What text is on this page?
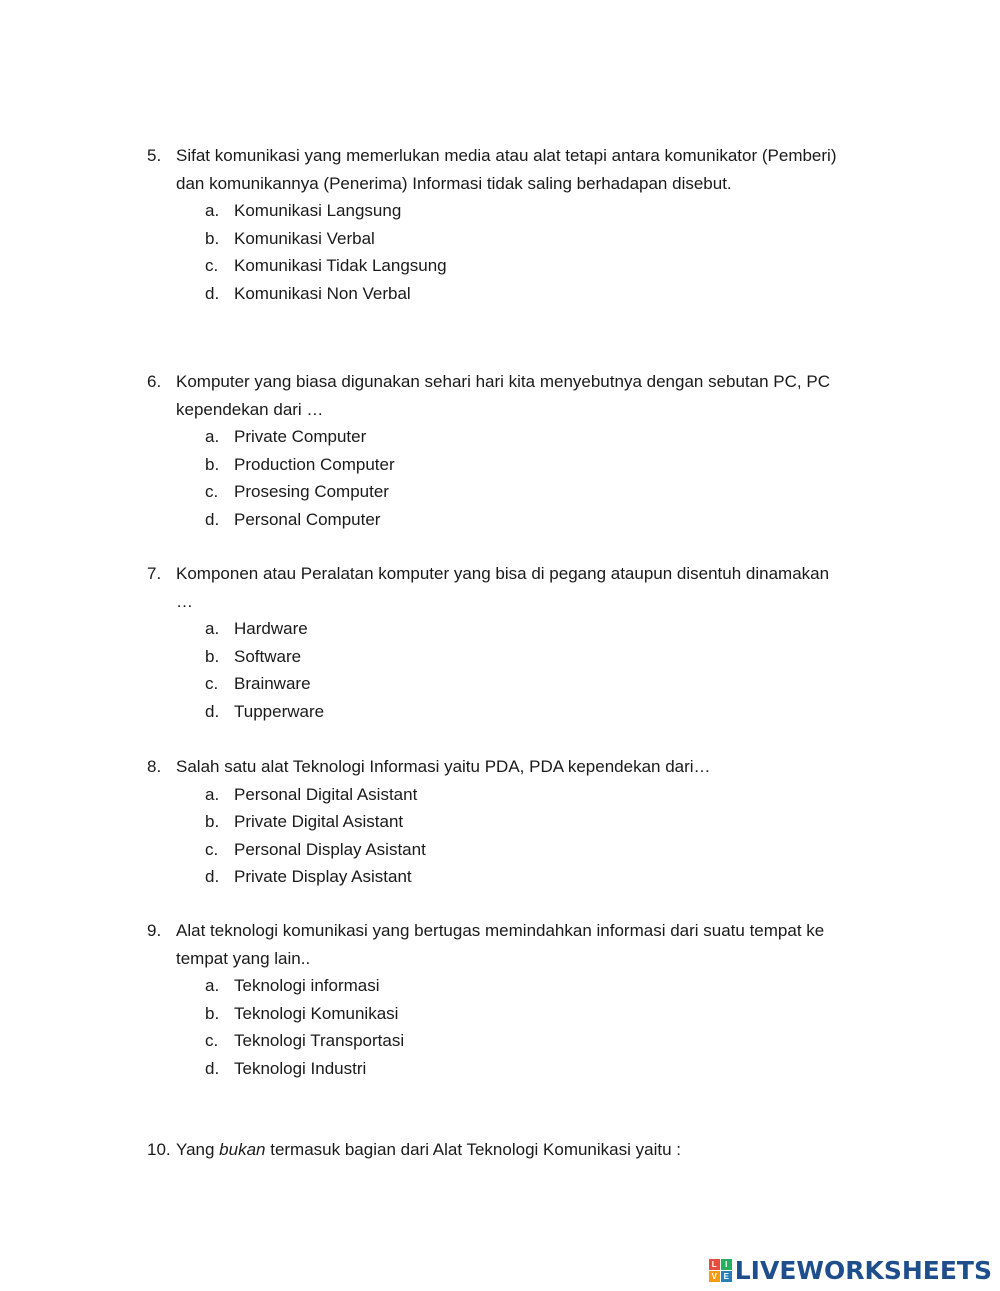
5. Sifat komunikasi yang memerlukan media atau alat tetapi antara komunikator (Pemberi)
dan komunikannya (Penerima) Informasi tidak saling berhadapan disebut.
a. Komunikasi Langsung
b. Komunikasi Verbal
c. Komunikasi Tidak Langsung
d. Komunikasi Non Verbal
6. Komputer yang biasa digunakan sehari hari kita menyebutnya dengan sebutan PC, PC
kependekan dari …
a. Private Computer
b. Production Computer
c. Prosesing Computer
d. Personal Computer
7. Komponen atau Peralatan komputer yang bisa di pegang ataupun disentuh dinamakan
…
a. Hardware
b. Software
c. Brainware
d. Tupperware
8. Salah satu alat Teknologi Informasi yaitu PDA, PDA kependekan dari…
a. Personal Digital Asistant
b. Private Digital Asistant
c. Personal Display Asistant
d. Private Display Asistant
9. Alat teknologi komunikasi yang bertugas memindahkan informasi dari suatu tempat ke
tempat yang lain..
a. Teknologi informasi
b. Teknologi Komunikasi
c. Teknologi Transportasi
d. Teknologi Industri
10. Yang bukan termasuk bagian dari Alat Teknologi Komunikasi yaitu :
L	I
V E LIVEWORKSHEETS
